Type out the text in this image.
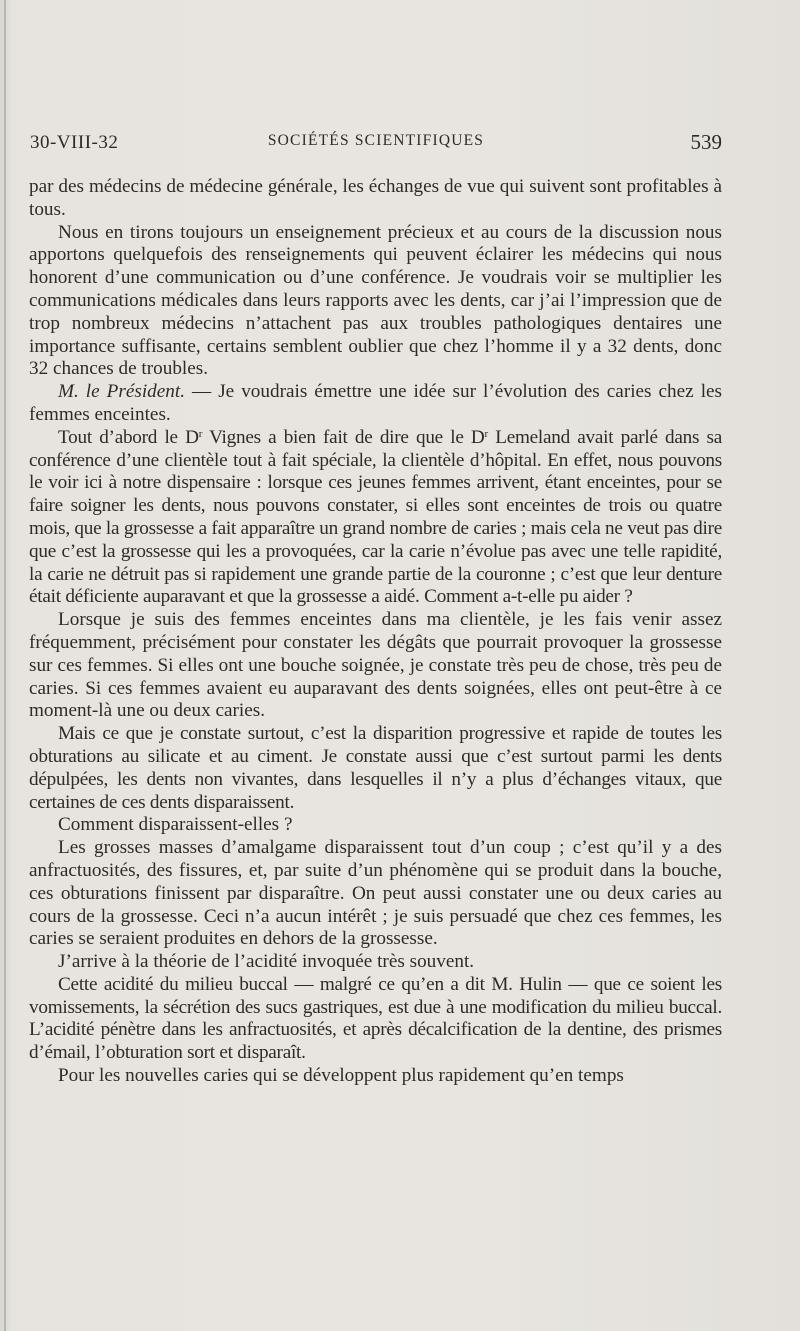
30-VIII-32	SOCIÉTÉS SCIENTIFIQUES	539

par des médecins de médecine générale, les échanges de vue qui suivent sont profitables à tous.

Nous en tirons toujours un enseignement précieux et au cours de la discussion nous apportons quelquefois des renseignements qui peuvent éclairer les médecins qui nous honorent d’une communication ou d’une conférence. Je voudrais voir se multiplier les communications médicales dans leurs rapports avec les dents, car j’ai l’impression que de trop nombreux médecins n’attachent pas aux troubles pathologiques dentaires une importance suffisante, certains semblent oublier que chez l’homme il y a 32 dents, donc 32 chances de troubles.

M. le Président. — Je voudrais émettre une idée sur l’évolution des caries chez les femmes enceintes.

Tout d’abord le $D^r$ Vignes a bien fait de dire que le $D^r$ Lemeland avait parlé dans sa conférence d’une clientèle tout à fait spéciale, la clientèle d’hôpital. En effet, nous pouvons le voir ici à notre dispensaire : lorsque ces jeunes femmes arrivent, étant enceintes, pour se faire soigner les dents, nous pouvons constater, si elles sont enceintes de trois ou quatre mois, que la grossesse a fait apparaître un grand nombre de caries ; mais cela ne veut pas dire que c’est la grossesse qui les a provoquées, car la carie n’évolue pas avec une telle rapidité, la carie ne détruit pas si rapidement une grande partie de la couronne ; c’est que leur denture était déficiente auparavant et que la grossesse a aidé. Comment a-t-elle pu aider ?

Lorsque je suis des femmes enceintes dans ma clientèle, je les fais venir assez fréquemment, précisément pour constater les dégâts que pourrait provoquer la grossesse sur ces femmes. Si elles ont une bouche soignée, je constate très peu de chose, très peu de caries. Si ces femmes avaient eu auparavant des dents soignées, elles ont peut-être à ce moment-là une ou deux caries.

Mais ce que je constate surtout, c’est la disparition progressive et rapide de toutes les obturations au silicate et au ciment. Je constate aussi que c’est surtout parmi les dents dépulpées, les dents non vivantes, dans lesquelles il n’y a plus d’échanges vitaux, que certaines de ces dents disparaissent.

Comment disparaissent-elles ?

Les grosses masses d’amalgame disparaissent tout d’un coup ; c’est qu’il y a des anfractuosités, des fissures, et, par suite d’un phénomène qui se produit dans la bouche, ces obturations finissent par disparaître. On peut aussi constater une ou deux caries au cours de la grossesse. Ceci n’a aucun intérêt ; je suis persuadé que chez ces femmes, les caries se seraient produites en dehors de la grossesse.

J’arrive à la théorie de l’acidité invoquée très souvent.

Cette acidité du milieu buccal — malgré ce qu’en a dit M. Hulin — que ce soient les vomissements, la sécrétion des sucs gastriques, est due à une modification du milieu buccal. L’acidité pénètre dans les anfractuosités, et après décalcification de la dentine, des prismes d’émail, l’obturation sort et disparaît.

Pour les nouvelles caries qui se développent plus rapidement qu’en temps
